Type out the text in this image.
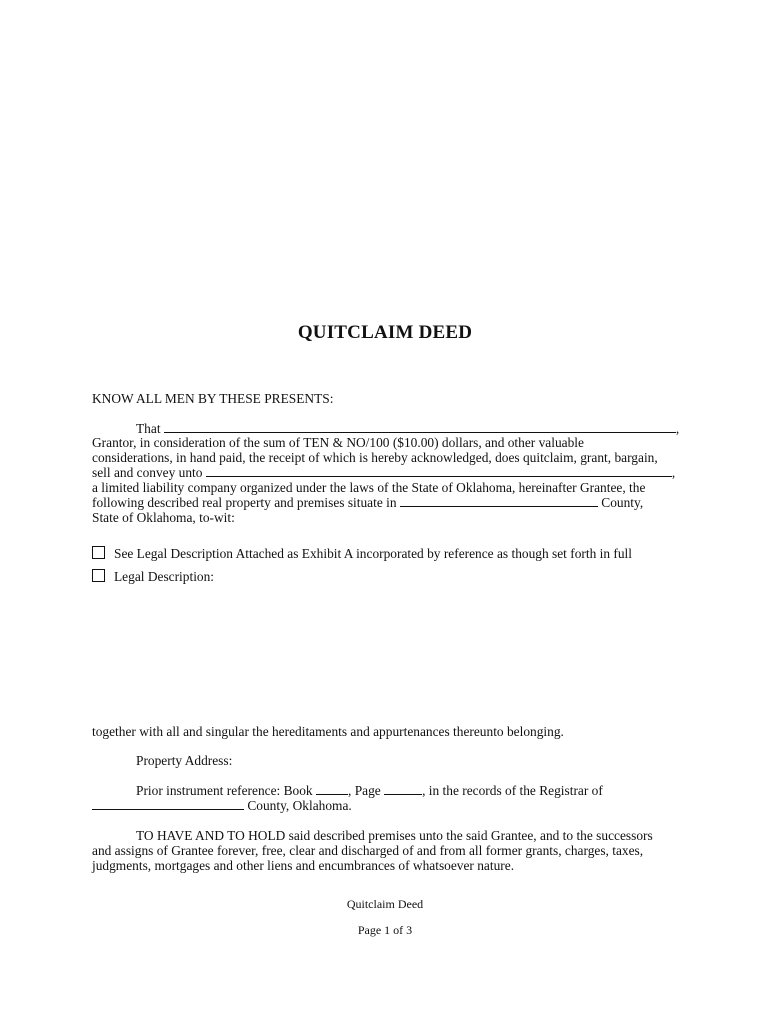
QUITCLAIM DEED
KNOW ALL MEN BY THESE PRESENTS:
That	,
Grantor, in consideration of the sum of TEN & NO/100 ($10.00) dollars, and other valuable
considerations, in hand paid, the receipt of which is hereby acknowledged, does quitclaim, grant, bargain,
sell and convey unto	,
a limited liability company organized under the laws of the State of Oklahoma, hereinafter Grantee, the
following described real property and premises situate in	County,
State of Oklahoma, to-wit:
See Legal Description Attached as Exhibit A incorporated by reference as though set forth in full
Legal Description:
together with all and singular the hereditaments and appurtenances thereunto belonging.
Property Address:
Prior instrument reference: Book	, Page	, in the records of the Registrar of
County, Oklahoma.
TO HAVE AND TO HOLD said described premises unto the said Grantee, and to the successors
and assigns of Grantee forever, free, clear and discharged of and from all former grants, charges, taxes,
judgments, mortgages and other liens and encumbrances of whatsoever nature.
Quitclaim Deed
Page 1 of 3
